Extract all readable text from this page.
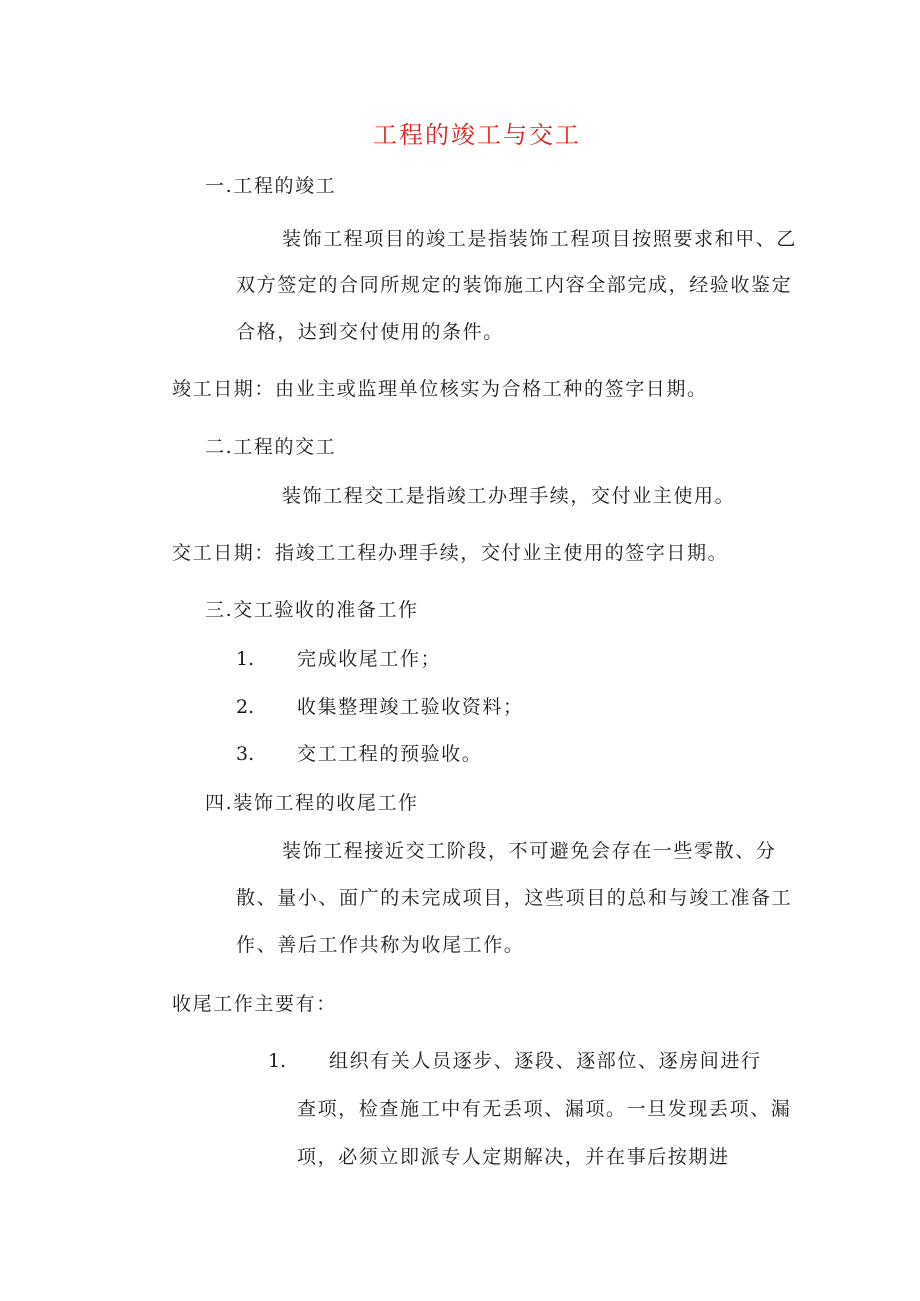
工程的竣工与交工
一.工程的竣工
装饰工程项目的竣工是指装饰工程项目按照要求和甲、乙
双方签定的合同所规定的装饰施工内容全部完成，经验收鉴定
合格，达到交付使用的条件。
竣工日期：由业主或监理单位核实为合格工种的签字日期。
二.工程的交工
装饰工程交工是指竣工办理手续，交付业主使用。
交工日期：指竣工工程办理手续，交付业主使用的签字日期。
三.交工验收的准备工作
1. 完成收尾工作；
2. 收集整理竣工验收资料；
3. 交工工程的预验收。
四.装饰工程的收尾工作
装饰工程接近交工阶段，不可避免会存在一些零散、分
散、量小、面广的未完成项目，这些项目的总和与竣工准备工
作、善后工作共称为收尾工作。
收尾工作主要有：
1. 组织有关人员逐步、逐段、逐部位、逐房间进行
查项，检查施工中有无丢项、漏项。一旦发现丢项、漏
项，必须立即派专人定期解决，并在事后按期进
